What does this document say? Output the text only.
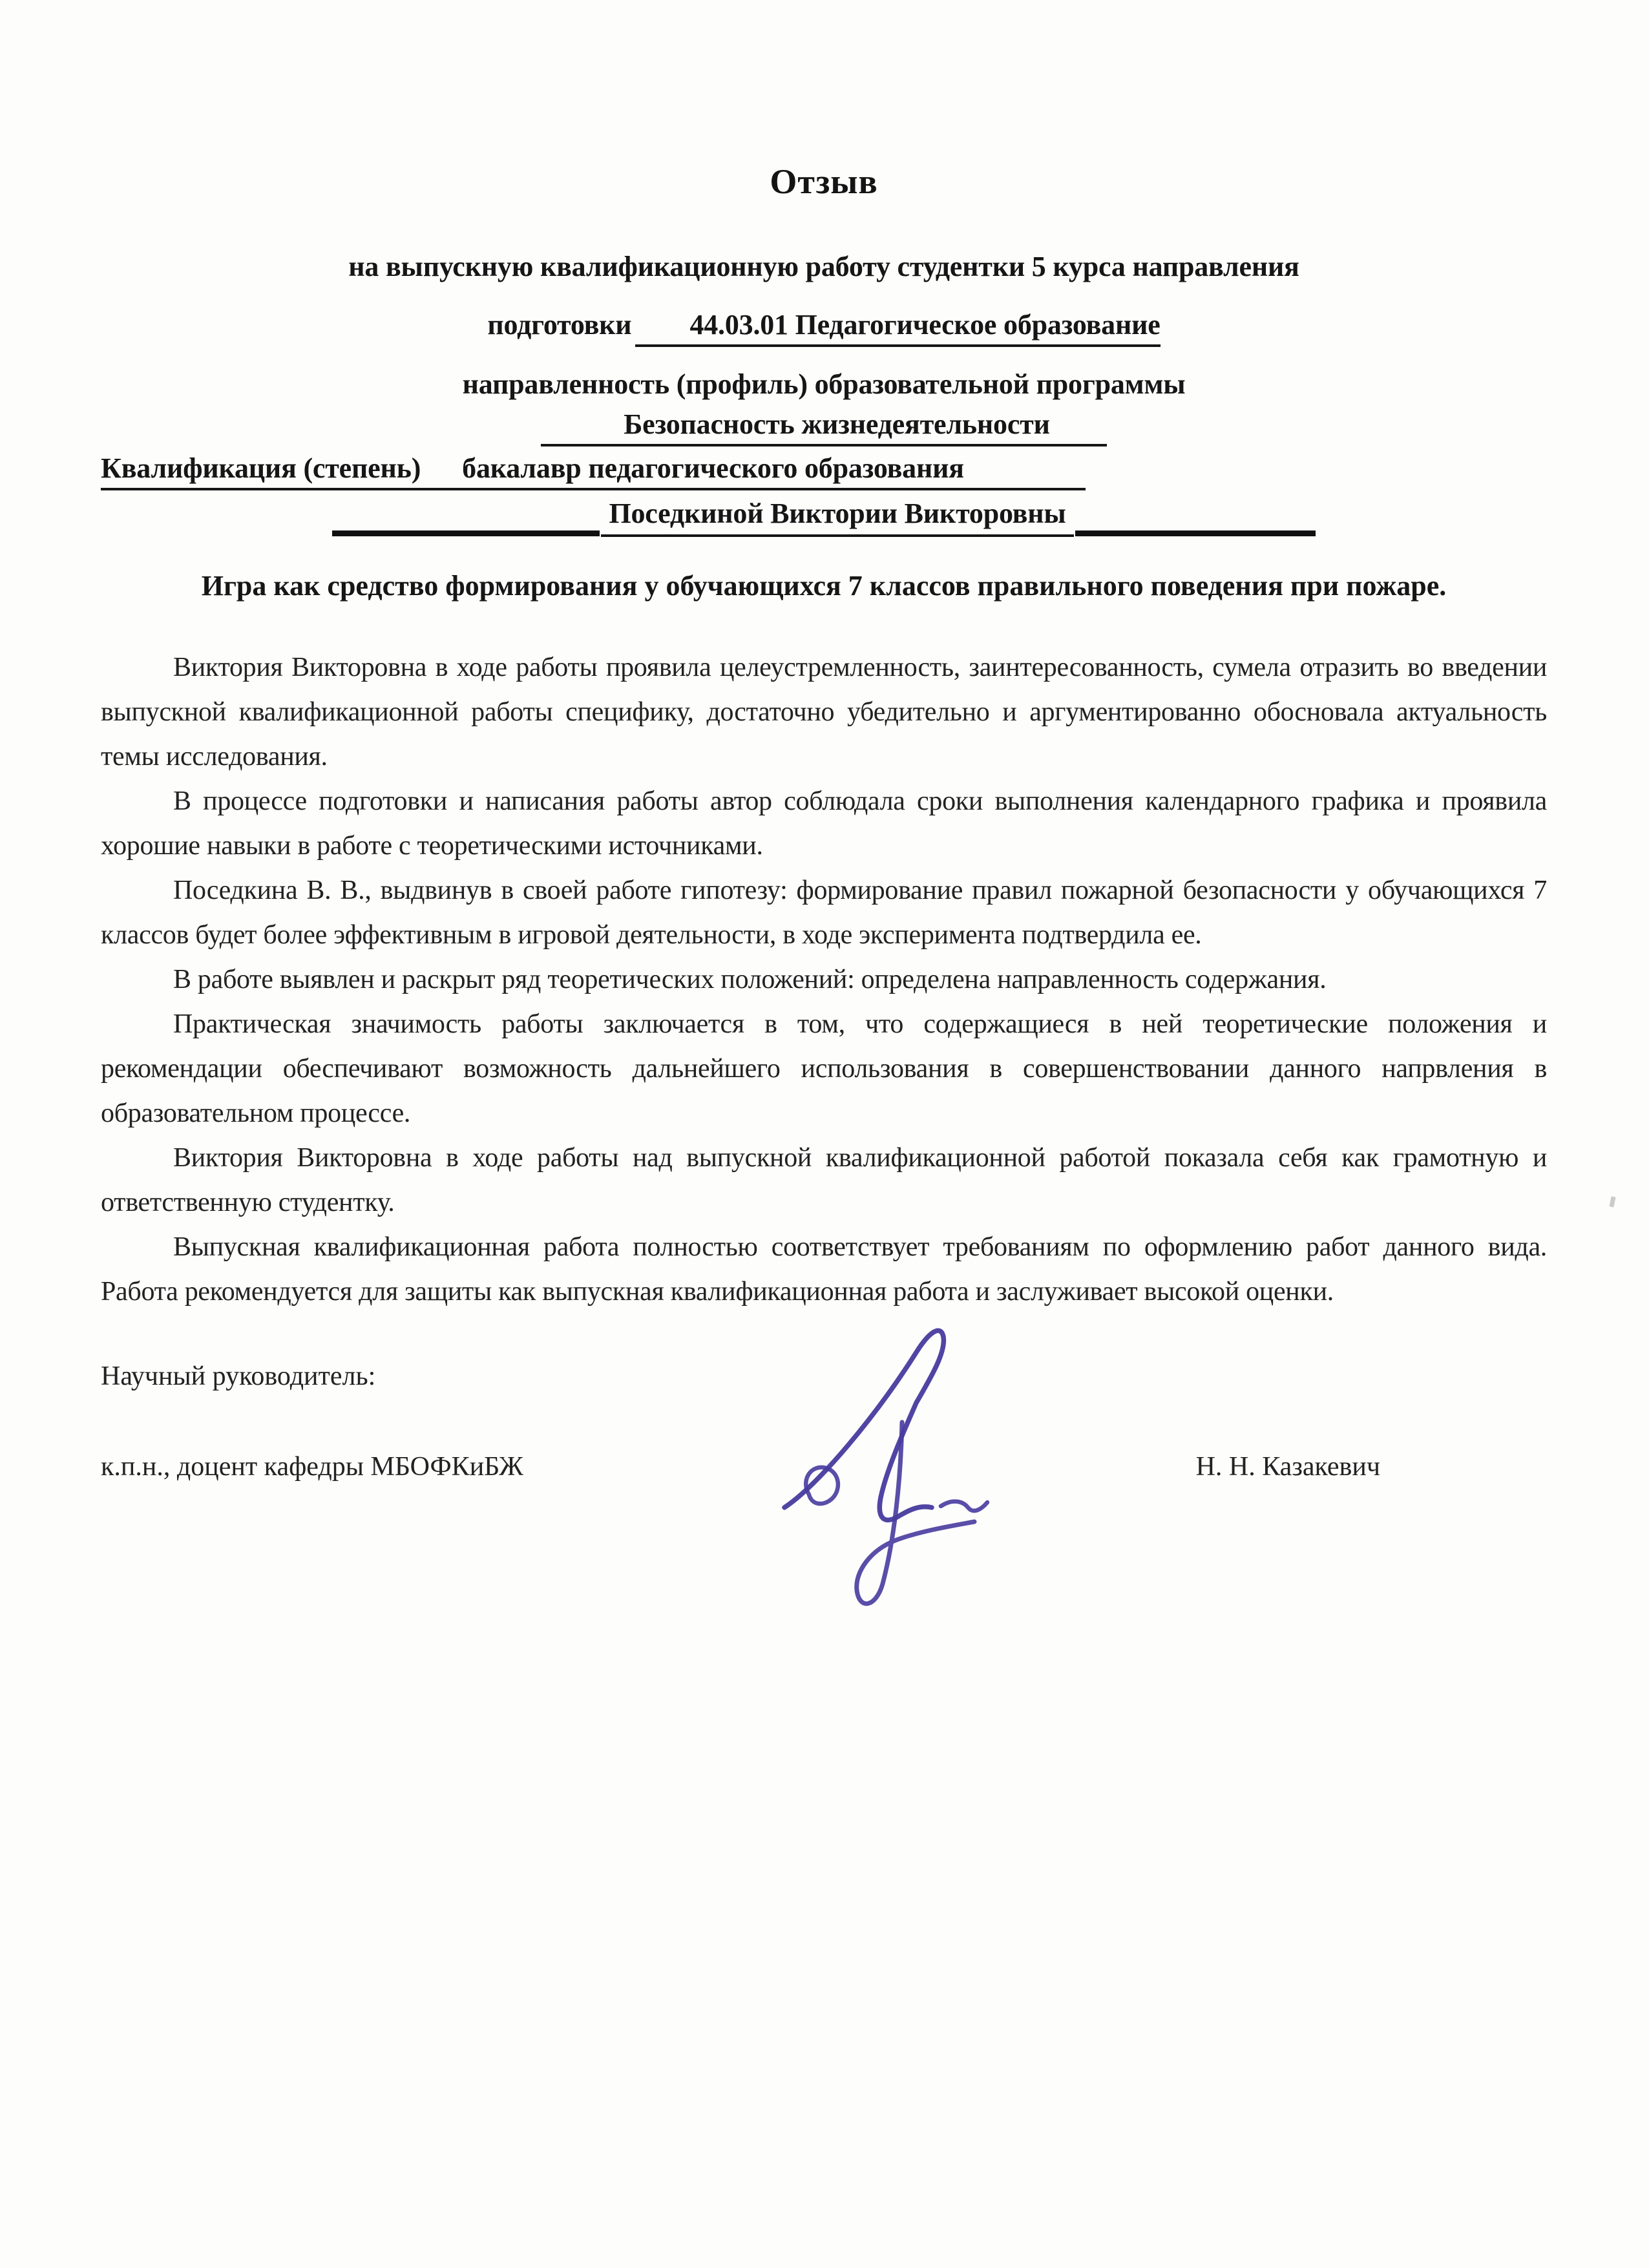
Отзыв
на выпускную квалификационную работу студентки 5 курса направления
подготовки 44.03.01 Педагогическое образование
направленность (профиль) образовательной программы
Безопасность жизнедеятельности
Квалификация (степень) бакалавр педагогического образования
Поседкиной Виктории Викторовны
Игра как средство формирования у обучающихся 7 классов правильного поведения при пожаре.

Виктория Викторовна в ходе работы проявила целеустремленность, заинтересованность, сумела отразить во введении выпускной квалификационной работы специфику, достаточно убедительно и аргументированно обосновала актуальность темы исследования.

В процессе подготовки и написания работы автор соблюдала сроки выполнения календарного графика и проявила хорошие навыки в работе с теоретическими источниками.

Поседкина В. В., выдвинув в своей работе гипотезу: формирование правил пожарной безопасности у обучающихся 7 классов будет более эффективным в игровой деятельности, в ходе эксперимента подтвердила ее.

В работе выявлен и раскрыт ряд теоретических положений: определена направленность содержания.

Практическая значимость работы заключается в том, что содержащиеся в ней теоретические положения и рекомендации обеспечивают возможность дальнейшего использования в совершенствовании данного напрвления в образовательном процессе.

Виктория Викторовна в ходе работы над выпускной квалификационной работой показала себя как грамотную и ответственную студентку.

Выпускная квалификационная работа полностью соответствует требованиям по оформлению работ данного вида. Работа рекомендуется для защиты как выпускная квалификационная работа и заслуживает высокой оценки.

Научный руководитель:
к.п.н., доцент кафедры МБОФКиБЖ	Н. Н. Казакевич
